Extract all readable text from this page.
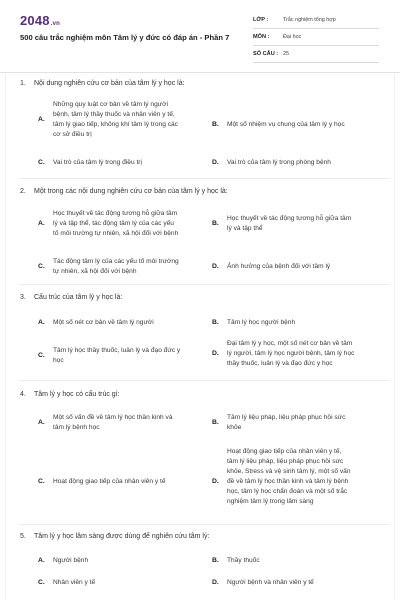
2048.vn
500 câu trắc nghiệm môn Tâm lý y đức có đáp án - Phần 7
LỚP :	Trắc nghiệm tổng hợp
MÔN :	Đại học
SỐ CÂU : 25
1. Nội dung nghiên cứu cơ bản của tâm lý y học là:
A.
Những quy luật cơ bản về tâm lý người
bệnh, tâm lý thầy thuốc và nhân viên y tế,
tâm lý giao tiếp, không khí tâm lý trong các
cơ sở điều trị
B. Một số nhiệm vụ chung của tâm lý y học
C. Vai trò của tâm lý trong điều trị	D. Vai trò của tâm lý trong phòng bệnh
2. Một trong các nội dung nghiên cứu cơ bản của tâm lý y học là:
A.
Học thuyết về tác động tương hỗ giữa tâm
lý và tập thể, tác động tâm lý của các yếu
tố môi trường tự nhiên, xã hội đối với bệnh
B.
Học thuyết về tác động tương hỗ giữa tâm
lý và tập thể
C.
Tác động tâm lý của các yếu tố môi trường
tự nhiên, xã hội đối với bệnh
D. Ảnh hưởng của bệnh đối với tâm lý
3. Cấu trúc của tâm lý y học là:
A. Một số nét cơ bản về tâm lý người	B. Tâm lý học người bệnh
C.
Tâm lý học thầy thuốc, luân lý và đạo đức y
học
D.
Đại tâm lý y học, một số nét cơ bản về tâm
lý người, tâm lý học người bệnh, tâm lý học
thầy thuốc, luân lý và đạo đức y học
4. Tâm lý y học có cấu trúc gì:
A.
Một số vấn đề về tâm lý học thần kinh và
tâm lý bệnh học
B.
Tâm lý liệu pháp, liệu pháp phục hồi sức
khỏe
C. Hoạt động giao tiếp của nhân viên y tế	D.
Hoạt động giao tiếp của nhân viên y tế,
tâm lý liệu pháp, liệu pháp phục hồi sức
khỏe, Stress và vệ sinh tâm lý, một số vấn
đề về tâm lý học thần kinh và tâm lý bệnh
học, tâm lý học chẩn đoán và một số trắc
nghiệm tâm lý trong lâm sàng
5. Tâm lý y học lâm sàng được dùng để nghiên cứu tâm lý:
A. Người bệnh	B. Thầy thuốc
C. Nhân viên y tế	D. Người bệnh và nhân viên y tế
